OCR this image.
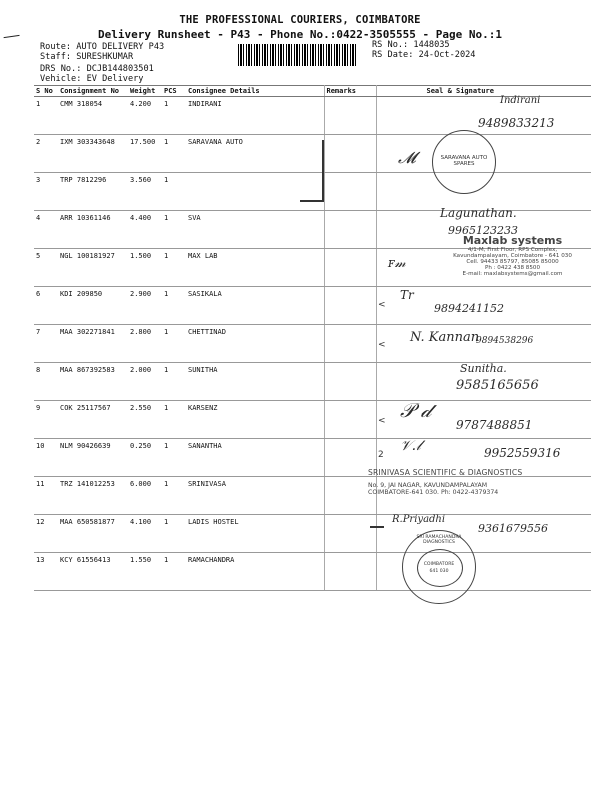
THE PROFESSIONAL COURIERS, COIMBATORE
Delivery Runsheet - P43 - Phone No.:0422-3505555 - Page No.:1
Route: AUTO DELIVERY P43
Staff: SURESHKUMAR
DRS No.: DCJB144803501
Vehicle: EV Delivery
RS No.: 1448035
RS Date: 24-Oct-2024
S No	Consignment No	Weight	PCS	Consignee Details	Remarks	Seal & Signature
1	CMM 318054	4.200	1	INDIRANI		
2	IXM 303343648	17.500	1	SARAVANA AUTO		
3	TRP 7812296	3.560	1			
4	ARR 10361146	4.400	1	SVA		
5	NGL 100181927	1.500	1	MAX LAB		
6	KDI 209850	2.900	1	SASIKALA		
7	MAA 302271841	2.800	1	CHETTINAD		
8	MAA 867392583	2.000	1	SUNITHA		
9	COK 25117567	2.550	1	KARSENZ		
10	NLM 90426639	0.250	1	SANANTHA		
11	TRZ 141012253	6.000	1	SRINIVASA		
12	MAA 650581877	4.100	1	LADIS HOSTEL		
13	KCY 61556413	1.550	1	RAMACHANDRA		
Indirani
9489833213
SARAVANA AUTO SPARES
𝓜
Lagunathan.
9965123233
Maxlab systems
4/1-M, First Floor, RPS Complex,
Kavundampalayam, Coimbatore - 641 030
Cell. 94433 85797, 85085 85000
Ph : 0422 438 8500
E-mail: maxlabsystems@gmail.com
ꜰ𝓂
<
Tr
9894241152
< N. Kannan
9894538296
Sunitha.
9585165656
< 𝒫 𝒹
9787488851
2
𝒱.𝓁	9952559316
SRINIVASA SCIENTIFIC & DIAGNOSTICS
No. 9, JAI NAGAR, KAVUNDAMPALAYAM
COIMBATORE-641 030. Ph: 0422-4379374
R.Priyadhi
9361679556
SRI RAMACHANDRA DIAGNOSTICS
COIMBATORE
641 030
